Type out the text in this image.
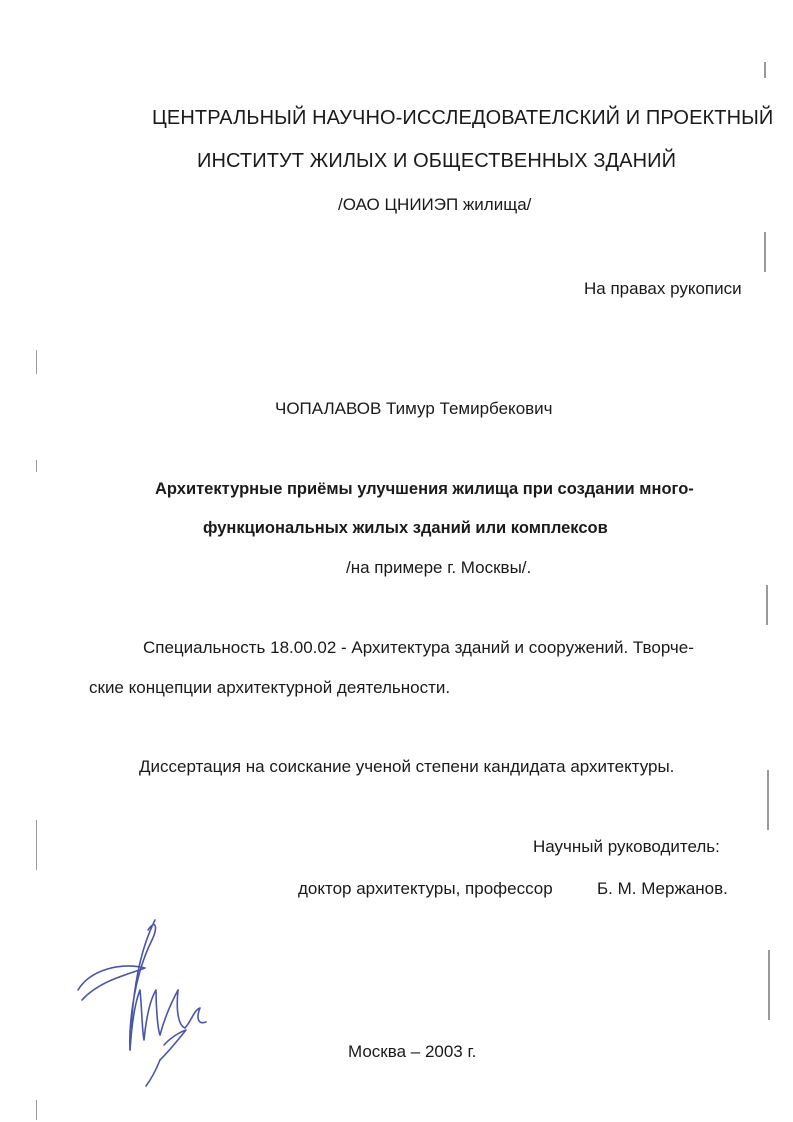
ЦЕНТРАЛЬНЫЙ НАУЧНО-ИССЛЕДОВАТЕЛСКИЙ И ПРОЕКТНЫЙ
ИНСТИТУТ ЖИЛЫХ И ОБЩЕСТВЕННЫХ ЗДАНИЙ
/ОАО ЦНИИЭП жилища/
На правах рукописи
ЧОПАЛАВОВ Тимур Темирбекович
Архитектурные приёмы улучшения жилища при создании много-
функциональных жилых зданий или комплексов
/на примере г. Москвы/.
Специальность 18.00.02 - Архитектура зданий и сооружений. Творче-
ские концепции архитектурной деятельности.
Диссертация на соискание ученой степени кандидата архитектуры.
Научный руководитель:
доктор архитектуры, профессор	Б. М. Мержанов.
Москва – 2003 г.
